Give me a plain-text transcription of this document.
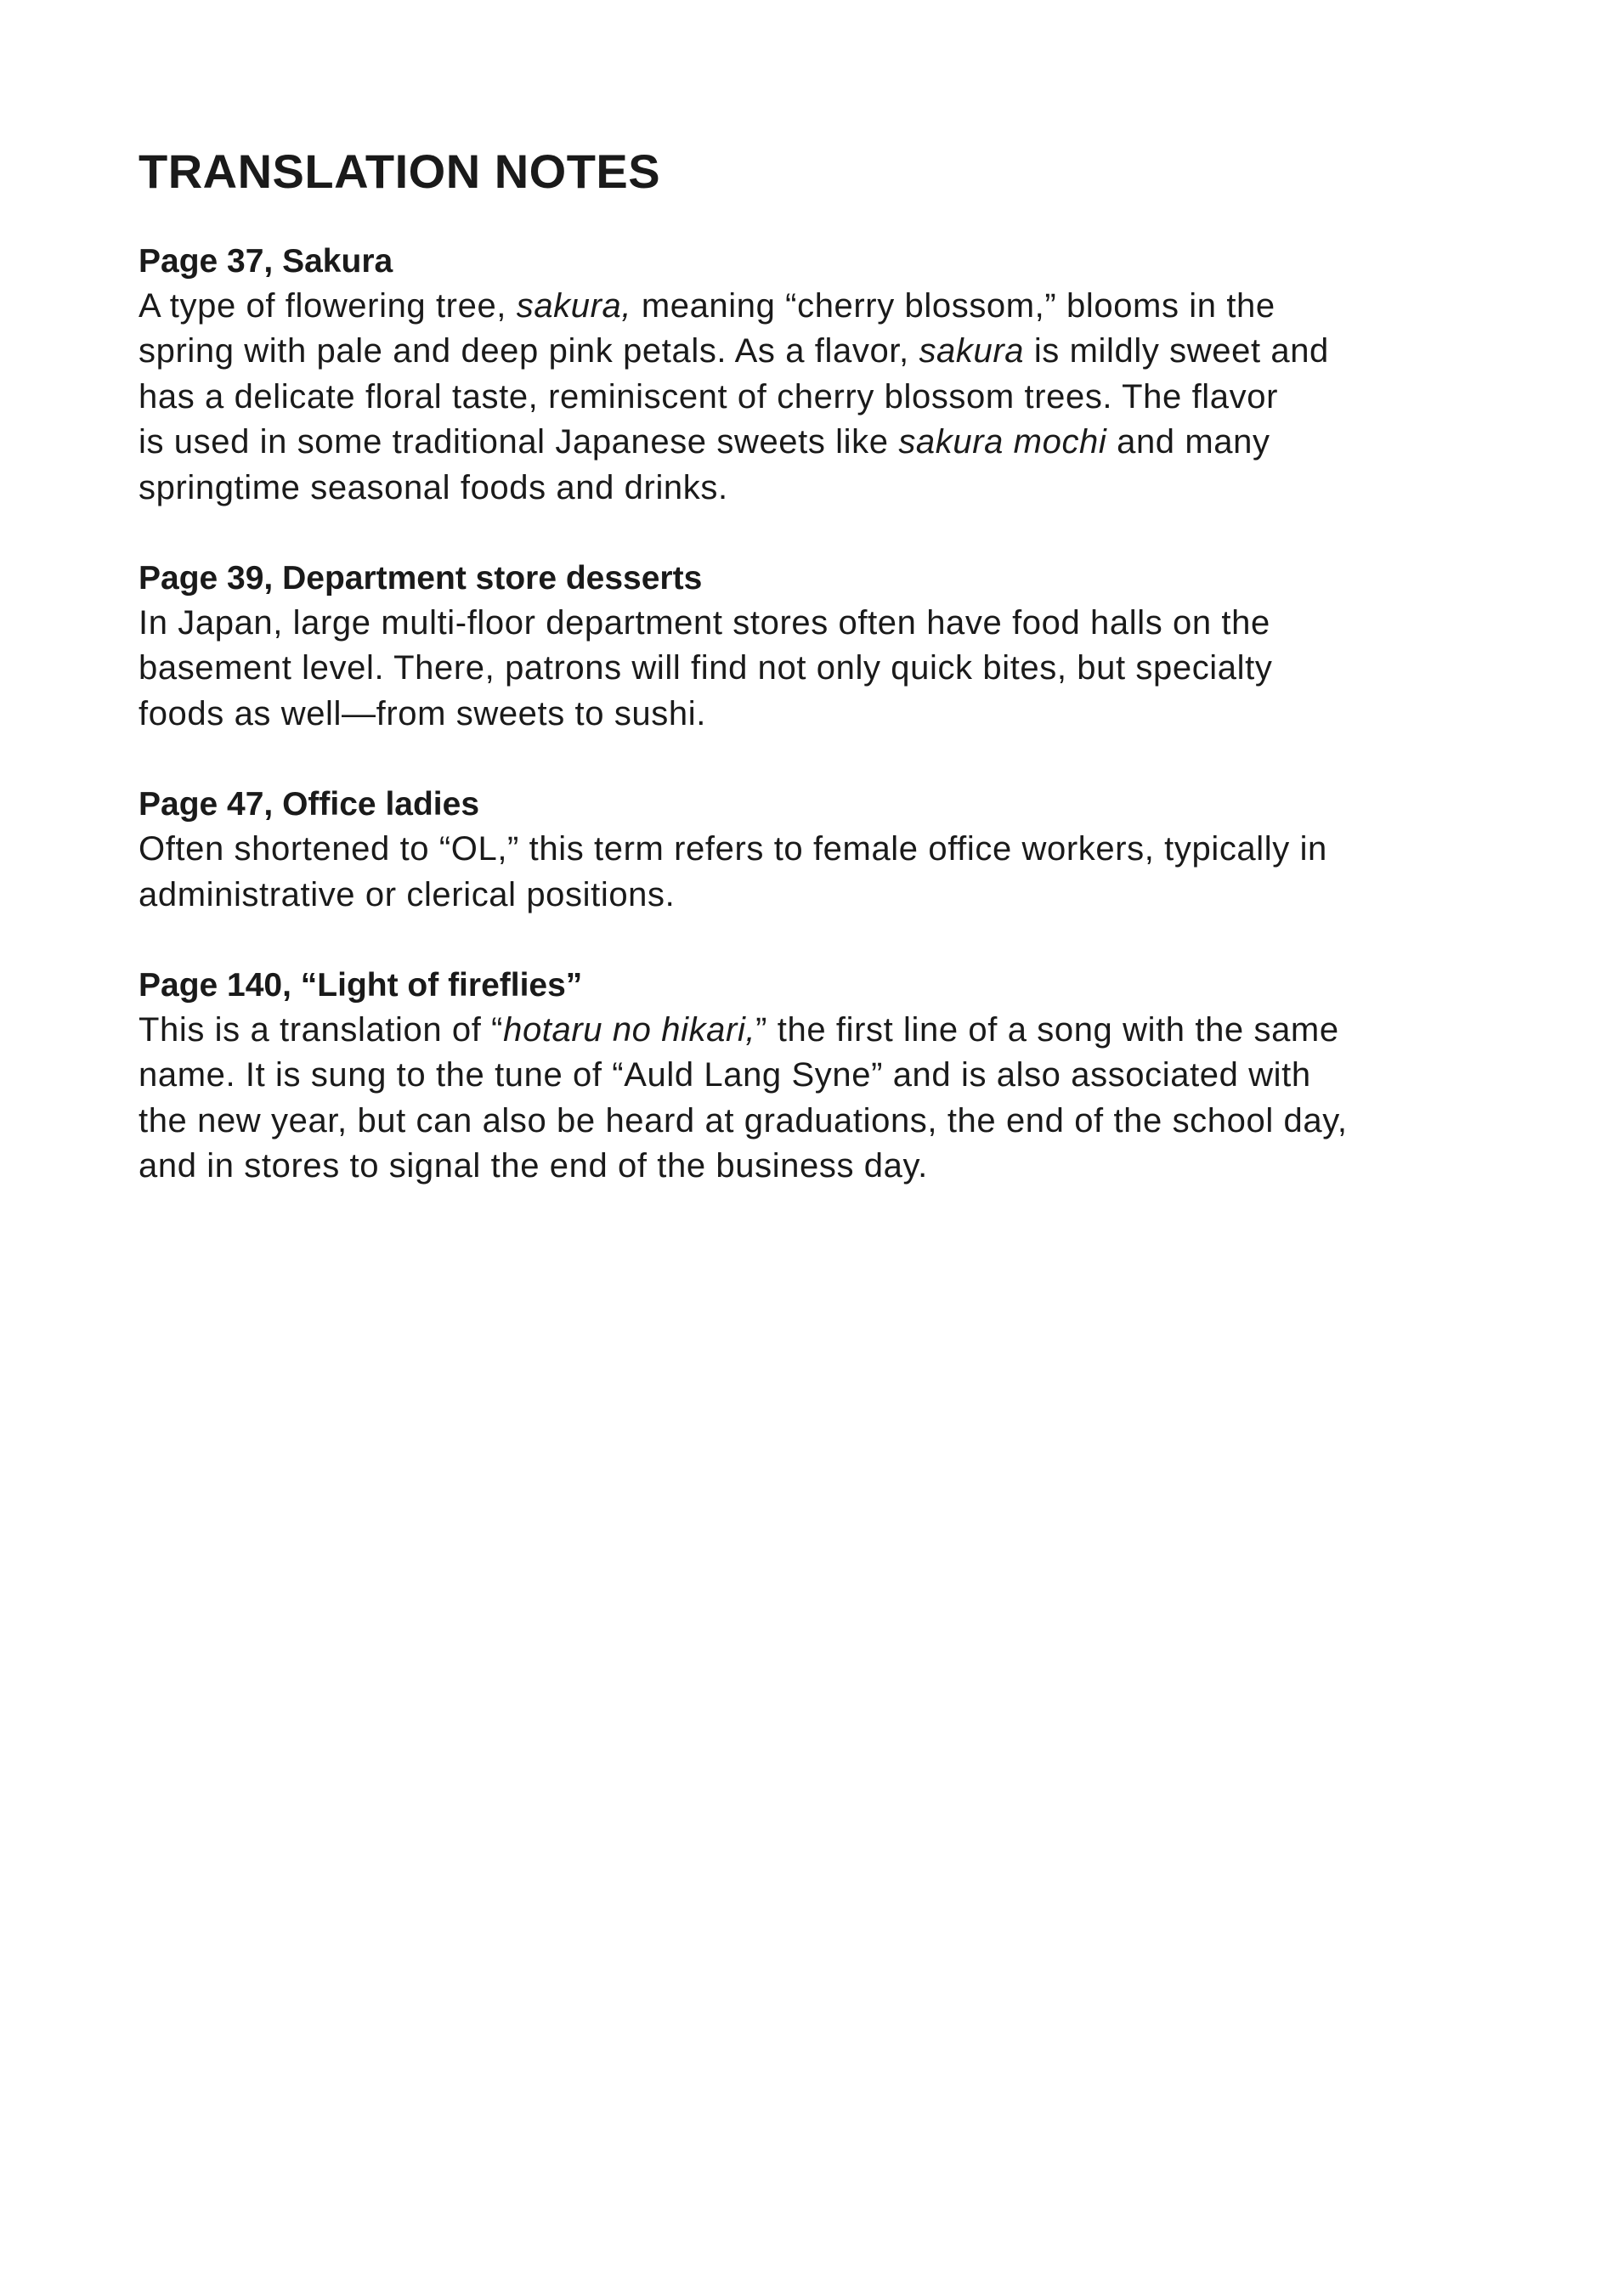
TRANSLATION NOTES
Page 37, Sakura

A type of flowering tree, sakura, meaning “cherry blossom,” blooms in the
spring with pale and deep pink petals. As a flavor, sakura is mildly sweet and
has a delicate floral taste, reminiscent of cherry blossom trees. The flavor
is used in some traditional Japanese sweets like sakura mochi and many
springtime seasonal foods and drinks.

Page 39, Department store desserts

In Japan, large multi-floor department stores often have food halls on the
basement level. There, patrons will find not only quick bites, but specialty
foods as well—from sweets to sushi.

Page 47, Office ladies

Often shortened to “OL,” this term refers to female office workers, typically in
administrative or clerical positions.

Page 140, “Light of fireflies”

This is a translation of “hotaru no hikari,” the first line of a song with the same
name. It is sung to the tune of “Auld Lang Syne” and is also associated with
the new year, but can also be heard at graduations, the end of the school day,
and in stores to signal the end of the business day.
